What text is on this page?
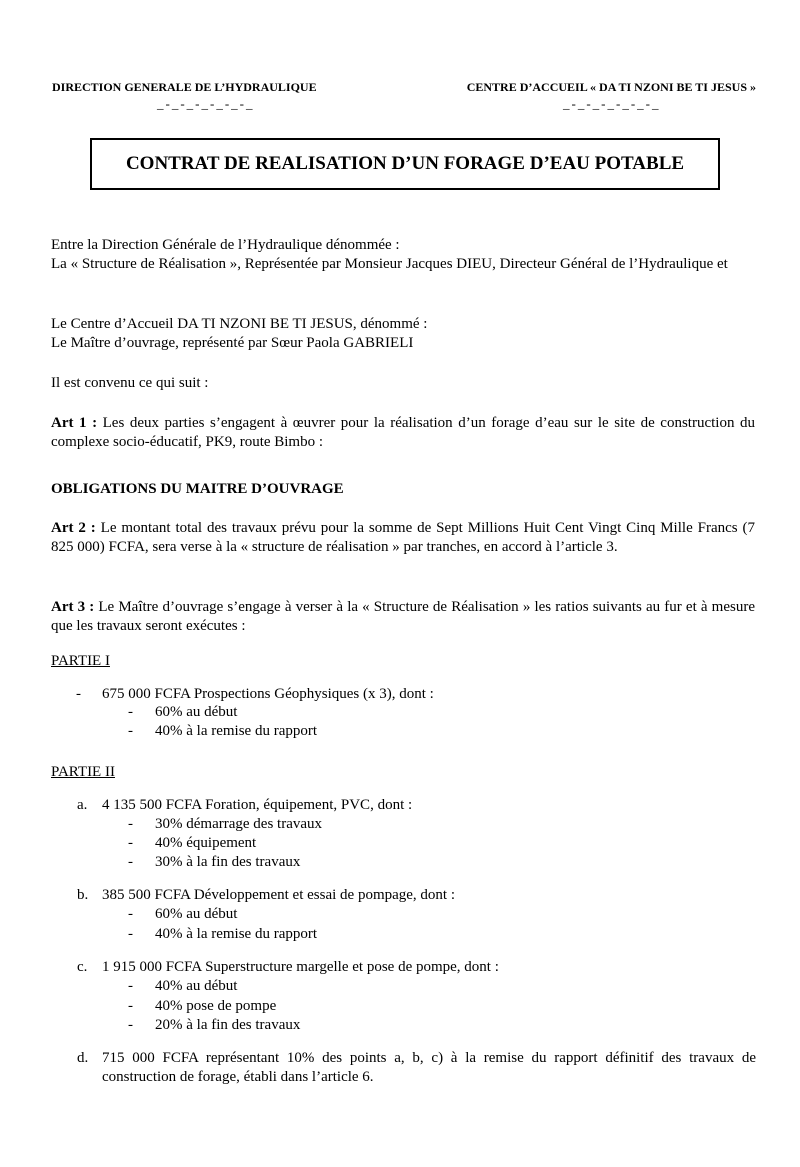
DIRECTION GENERALE DE L’HYDRAULIQUE	CENTRE D’ACCUEIL « DA TI NZONI BE TI JESUS »
_-_-_-_-_-_-_	_-_-_-_-_-_-_
CONTRAT DE REALISATION D’UN FORAGE D’EAU POTABLE
Entre la Direction Générale de l’Hydraulique dénommée :
La « Structure de Réalisation », Représentée par Monsieur Jacques DIEU, Directeur Général de l’Hydraulique et
Le Centre d’Accueil DA TI NZONI BE TI JESUS, dénommé :
Le Maître d’ouvrage, représenté par Sœur Paola GABRIELI
Il est convenu ce qui suit :
Art 1 : Les deux parties s’engagent à œuvrer pour la réalisation d’un forage d’eau sur le site de construction du complexe socio-éducatif, PK9, route Bimbo :
OBLIGATIONS DU MAITRE D’OUVRAGE
Art 2 : Le montant total des travaux prévu pour la somme de Sept Millions Huit Cent Vingt Cinq Mille Francs (7 825 000) FCFA, sera verse à la « structure de réalisation » par tranches, en accord à l’article 3.
Art 3 : Le Maître d’ouvrage s’engage à verser à la « Structure de Réalisation » les ratios suivants au fur et à mesure que les travaux seront exécutes :
PARTIE I
- 675 000 FCFA Prospections Géophysiques (x 3), dont :
- 60% au début
- 40% à la remise du rapport
PARTIE II
a. 4 135 500 FCFA Foration, équipement, PVC, dont :
- 30% démarrage des travaux
- 40% équipement
- 30% à la fin des travaux
b. 385 500 FCFA Développement et essai de pompage, dont :
- 60% au début
- 40% à la remise du rapport
c. 1 915 000 FCFA Superstructure margelle et pose de pompe, dont :
- 40% au début
- 40% pose de pompe
- 20% à la fin des travaux
d. 715 000 FCFA représentant 10% des points a, b, c) à la remise du rapport définitif des travaux de construction de forage, établi dans l’article 6.
